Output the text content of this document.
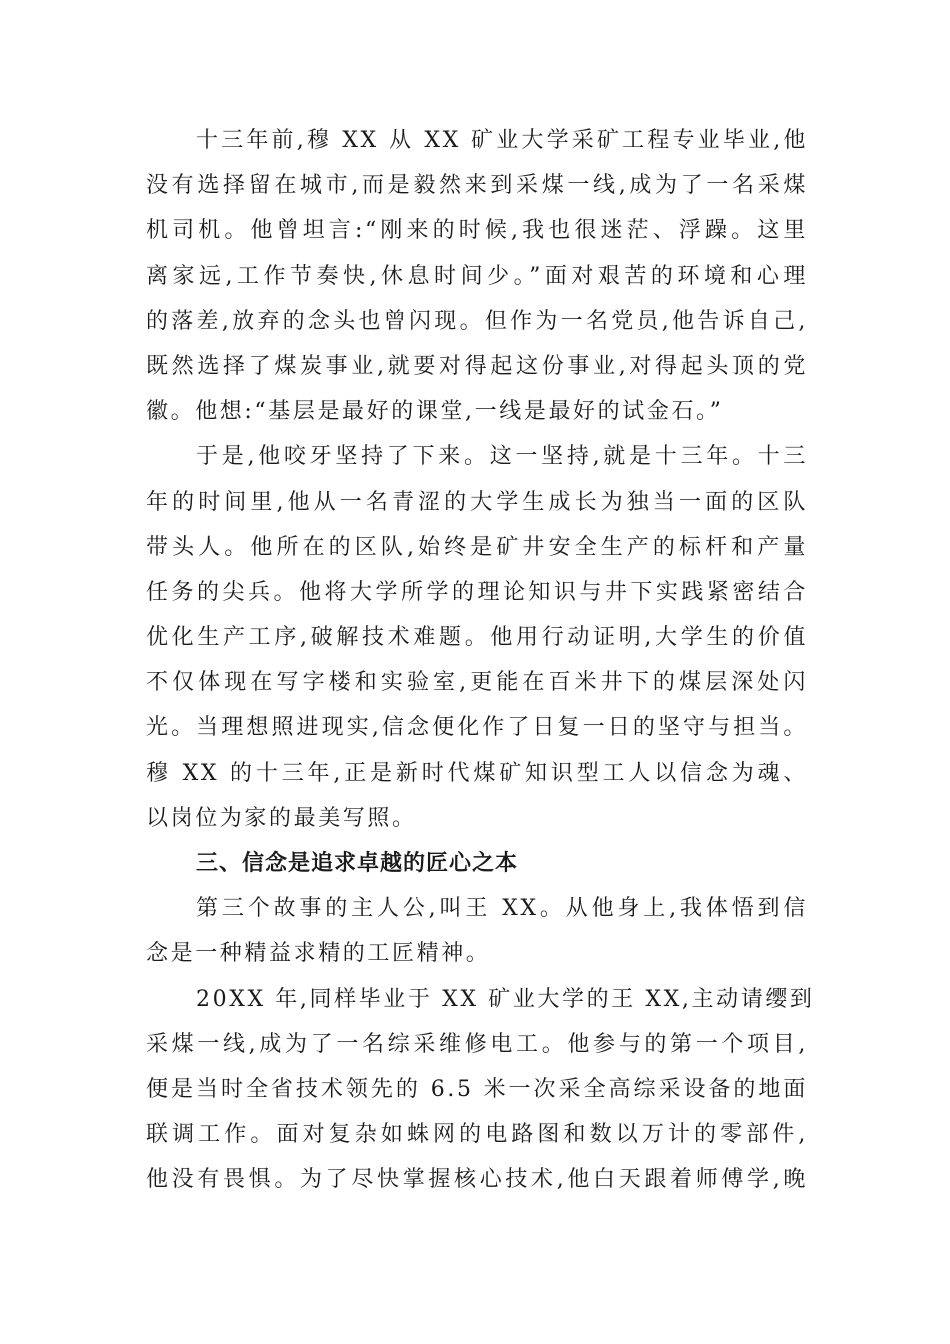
十三年前,穆 XX 从 XX 矿业大学采矿工程专业毕业,他
没有选择留在城市,而是毅然来到采煤一线,成为了一名采煤
机司机。他曾坦言:“刚来的时候,我也很迷茫、浮躁。这里
离家远,工作节奏快,休息时间少。”面对艰苦的环境和心理
的落差,放弃的念头也曾闪现。但作为一名党员,他告诉自己,
既然选择了煤炭事业,就要对得起这份事业,对得起头顶的党
徽。他想:“基层是最好的课堂,一线是最好的试金石。”
于是,他咬牙坚持了下来。这一坚持,就是十三年。十三
年的时间里,他从一名青涩的大学生成长为独当一面的区队
带头人。他所在的区队,始终是矿井安全生产的标杆和产量
任务的尖兵。他将大学所学的理论知识与井下实践紧密结合
优化生产工序,破解技术难题。他用行动证明,大学生的价值
不仅体现在写字楼和实验室,更能在百米井下的煤层深处闪
光。当理想照进现实,信念便化作了日复一日的坚守与担当。
穆 XX 的十三年,正是新时代煤矿知识型工人以信念为魂、
以岗位为家的最美写照。
三、信念是追求卓越的匠心之本
第三个故事的主人公,叫王 XX。从他身上,我体悟到信
念是一种精益求精的工匠精神。
20XX 年,同样毕业于 XX 矿业大学的王 XX,主动请缨到
采煤一线,成为了一名综采维修电工。他参与的第一个项目,
便是当时全省技术领先的 6.5 米一次采全高综采设备的地面
联调工作。面对复杂如蛛网的电路图和数以万计的零部件,
他没有畏惧。为了尽快掌握核心技术,他白天跟着师傅学,晚
